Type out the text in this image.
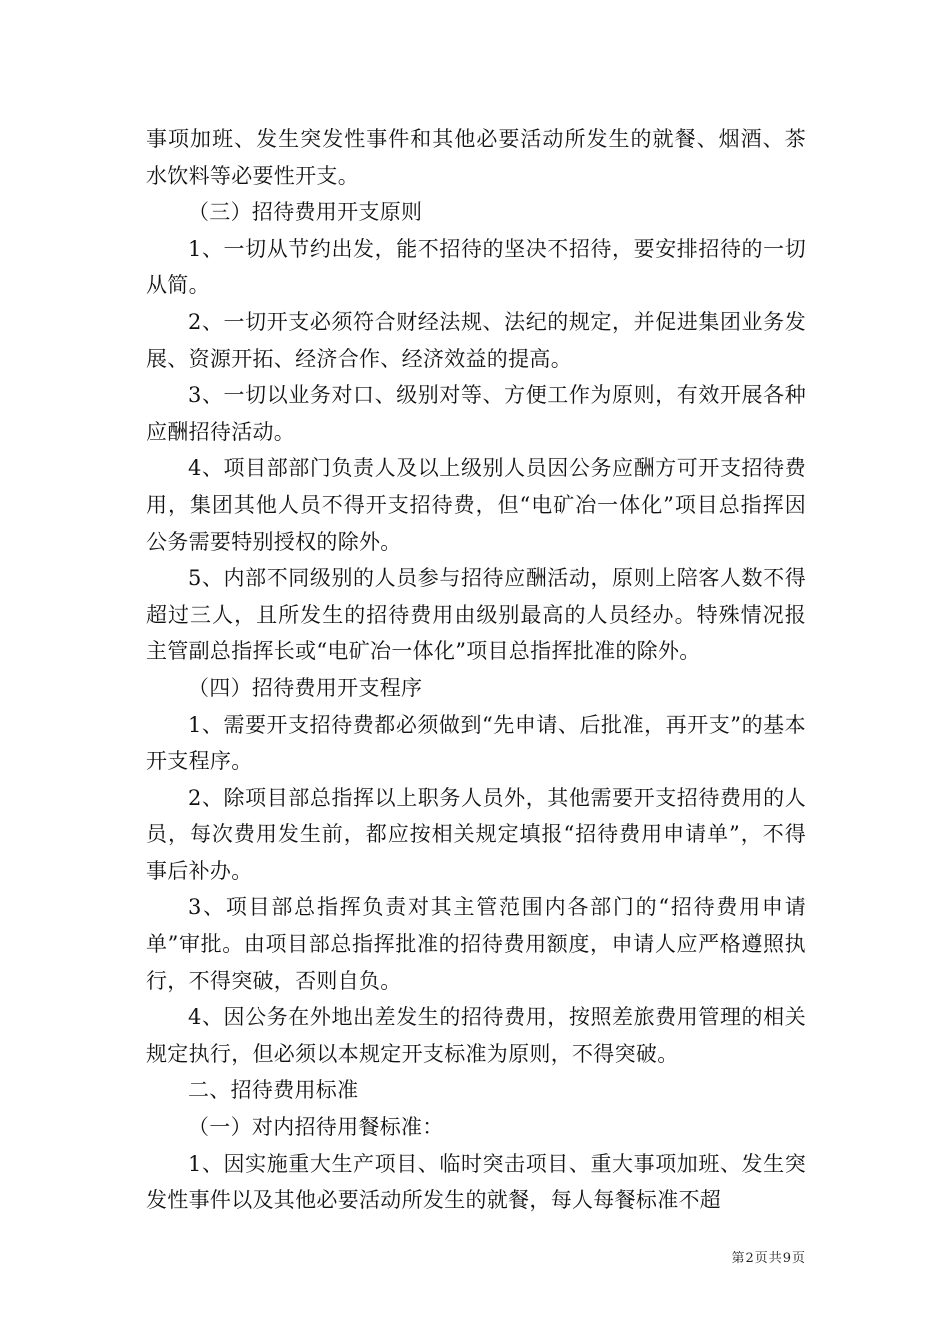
事项加班、发生突发性事件和其他必要活动所发生的就餐、烟酒、茶水饮料等必要性开支。

（三）招待费用开支原则

1、一切从节约出发，能不招待的坚决不招待，要安排招待的一切从简。

2、一切开支必须符合财经法规、法纪的规定，并促进集团业务发展、资源开拓、经济合作、经济效益的提高。

3、一切以业务对口、级别对等、方便工作为原则，有效开展各种应酬招待活动。

4、项目部部门负责人及以上级别人员因公务应酬方可开支招待费用，集团其他人员不得开支招待费，但“电矿冶一体化”项目总指挥因公务需要特别授权的除外。

5、内部不同级别的人员参与招待应酬活动，原则上陪客人数不得超过三人，且所发生的招待费用由级别最高的人员经办。特殊情况报主管副总指挥长或“电矿冶一体化”项目总指挥批准的除外。

（四）招待费用开支程序

1、需要开支招待费都必须做到“先申请、后批准，再开支”的基本开支程序。

2、除项目部总指挥以上职务人员外，其他需要开支招待费用的人员，每次费用发生前，都应按相关规定填报“招待费用申请单”，不得事后补办。

3、项目部总指挥负责对其主管范围内各部门的“招待费用申请单”审批。由项目部总指挥批准的招待费用额度，申请人应严格遵照执行，不得突破，否则自负。

4、因公务在外地出差发生的招待费用，按照差旅费用管理的相关规定执行，但必须以本规定开支标准为原则，不得突破。

二、招待费用标准

（一）对内招待用餐标准：

1、因实施重大生产项目、临时突击项目、重大事项加班、发生突发性事件以及其他必要活动所发生的就餐，每人每餐标准不超

第2页共9页
